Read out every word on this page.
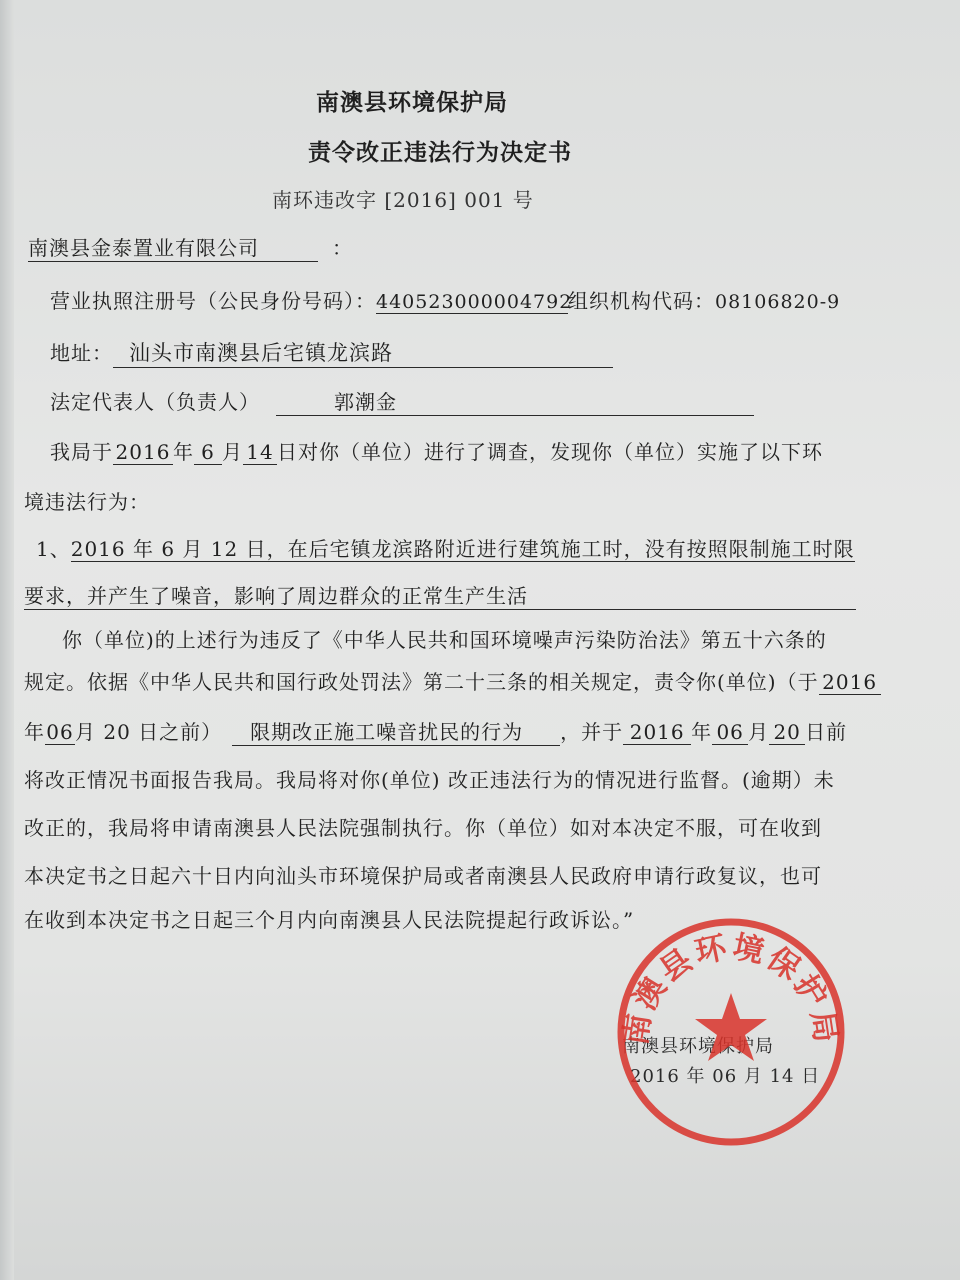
南澳县环境保护局
责令改正违法行为决定书
南环违改字 [2016] 001 号
南澳县金泰置业有限公司	：
营业执照注册号（公民身份号码）：440523000004792组织机构代码：08106820-9
地址： 汕头市南澳县后宅镇龙滨路
法定代表人（负责人）	郭潮金
我局于 2016 年 6 月 14 日对你（单位）进行了调查，发现你（单位）实施了以下环
境违法行为：
1、2016 年 6 月 12 日，在后宅镇龙滨路附近进行建筑施工时，没有按照限制施工时限
要求，并产生了噪音，影响了周边群众的正常生产生活
你（单位)的上述行为违反了《中华人民共和国环境噪声污染防治法》第五十六条的
规定。依据《中华人民共和国行政处罚法》第二十三条的相关规定，责令你(单位)（于 2016
年06月 20 日之前） 限期改正施工噪音扰民的行为 ，并于 2016 年 06 月 20 日前
将改正情况书面报告我局。我局将对你(单位) 改正违法行为的情况进行监督。(逾期）未
改正的，我局将申请南澳县人民法院强制执行。你（单位）如对本决定不服，可在收到
本决定书之日起六十日内向汕头市环境保护局或者南澳县人民政府申请行政复议，也可
在收到本决定书之日起三个月内向南澳县人民法院提起行政诉讼。”
南澳县环境保护局
2016 年 06 月 14 日
南澳县环境保护局
